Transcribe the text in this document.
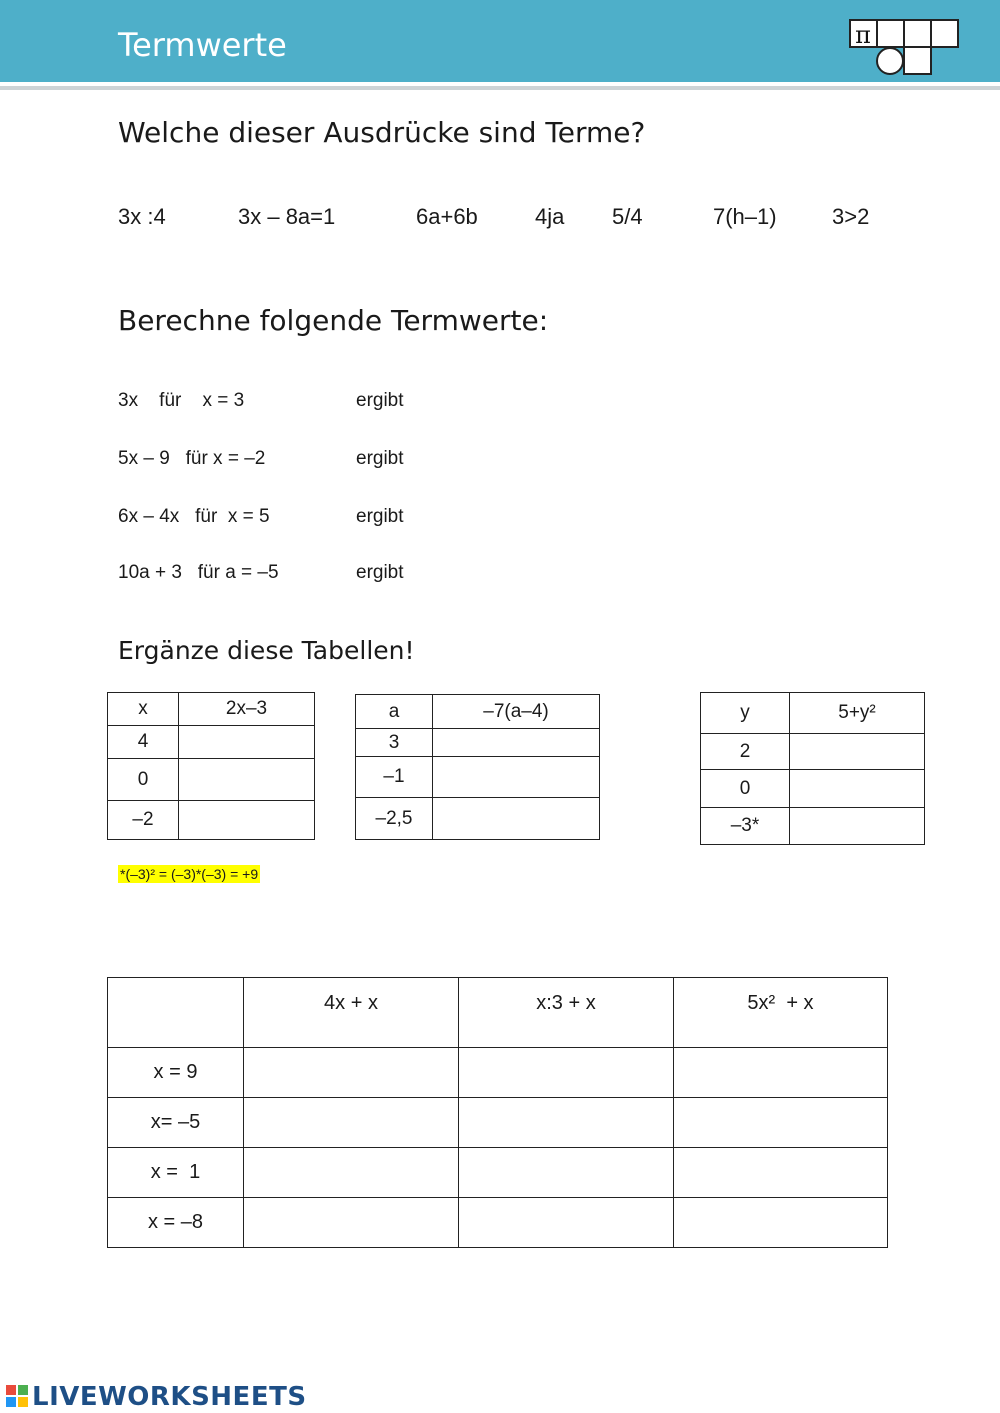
Termwerte	π
Welche dieser Ausdrücke sind Terme?
3x :4	3x – 8a=1	6a+6b	4ja 5/4	7(h–1)	3>2
Berechne folgende Termwerte:
3x    für    x = 3	ergibt
5x – 9   für x = –2	ergibt
6x – 4x   für  x = 5	ergibt
10a + 3   für a = –5	ergibt
Ergänze diese Tabellen!
x	2x–3
4	
0	
–2	
a	–7(a–4)
3	
–1	
–2,5	
y	5+y²
2	
0	
–3*	
*(–3)² = (–3)*(–3) = +9
	4x + x	x:3 + x	5x²  + x
x = 9			
x= –5			
x =  1			
x = –8			
LIVEWORKSHEETS
